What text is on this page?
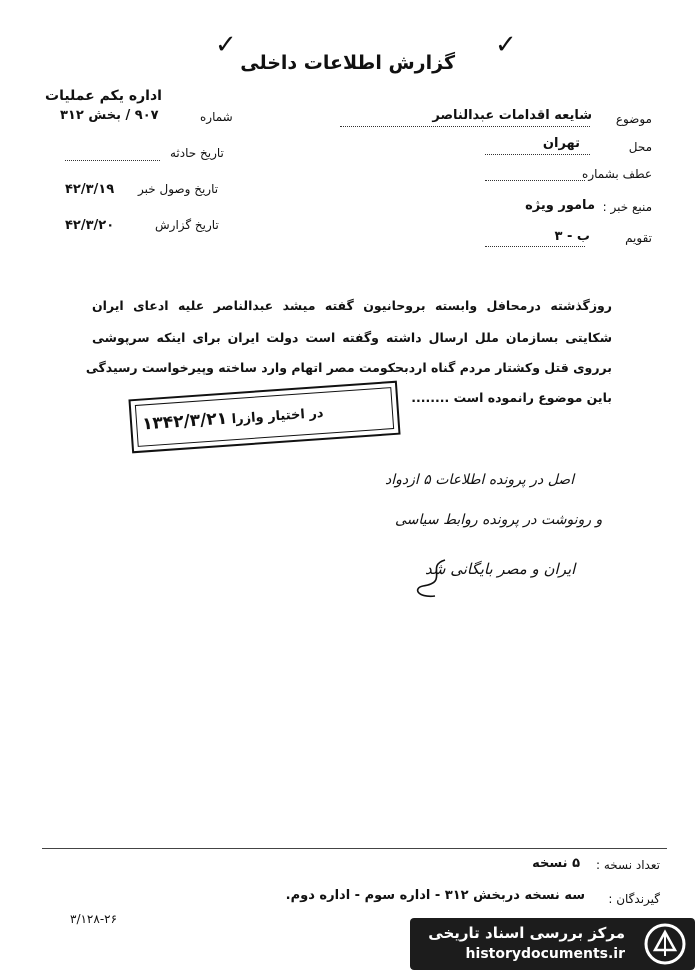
✓	✓
گزارش اطلاعات داخلی
اداره یکم عملیات
موضوع
شایعه اقدامات عبدالناصر
محل
تهران
عطف بشماره
منبع خبر :
مامور ویژه
تقویم
ب - ۳
شماره
۹۰۷ / بخش ۳۱۲
تاریخ حادثه
تاریخ وصول خبر
۴۲/۳/۱۹
تاریخ گزارش
۴۲/۳/۲۰
روزگذشته درمحافل وابسته بروحانیون گفته میشد عبدالناصر علیه ادعای ایران
شکایتی بسازمان ملل ارسال داشته وگفته است دولت ایران برای اینکه سرپوشی
برروی قتل وکشتار مردم گناه اردبحکومت مصر اتهام وارد ساخته وپیرخواست رسیدگی
باین موضوع رانموده است ........
در اختیار وازرا ۱۳۴۲/۳/۲۱
اصل در پرونده اطلاعات ۵ ازدواد
و رونوشت در پرونده روابط سیاسی
ایران و مصر بایگانی شد
تعداد نسخه :
۵ نسخه
گیرندگان :
سه نسخه دربخش ۳۱۲ - اداره سوم - اداره دوم.
۳/۱۲۸-۲۶
مرکز بررسی اسناد تاریخی
historydocuments.ir
